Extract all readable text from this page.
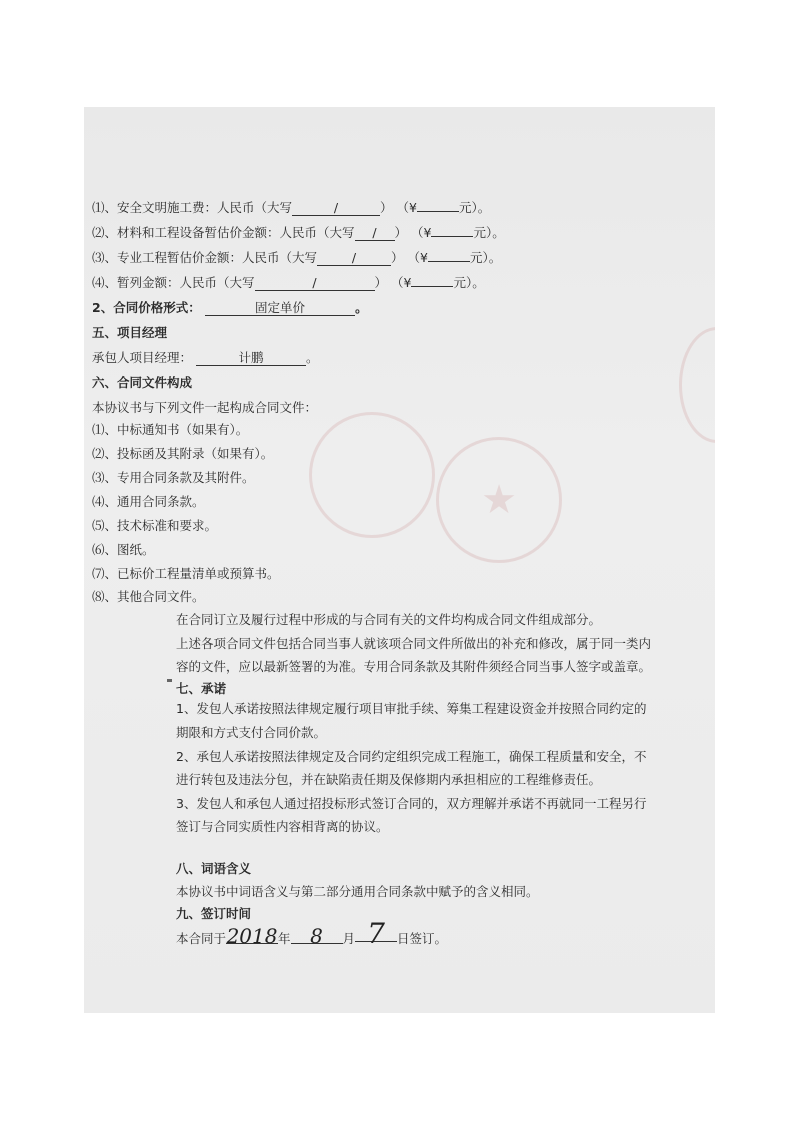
★
⑴、安全文明施工费：人民币（大写	/	） （¥	元）。
⑵、材料和工程设备暂估价金额：人民币（大写 / ） （¥	元）。
⑶、专业工程暂估价金额：人民币（大写	/	） （¥	元）。
⑷、暂列金额：人民币（大写	/	） （¥	元）。
2、合同价格形式：	固定单价	。
五、项目经理
承包人项目经理：	计鹏	。
六、合同文件构成
本协议书与下列文件一起构成合同文件：
⑴、中标通知书（如果有）。
⑵、投标函及其附录（如果有）。
⑶、专用合同条款及其附件。
⑷、通用合同条款。
⑸、技术标准和要求。
⑹、图纸。
⑺、已标价工程量清单或预算书。
⑻、其他合同文件。
在合同订立及履行过程中形成的与合同有关的文件均构成合同文件组成部分。
上述各项合同文件包括合同当事人就该项合同文件所做出的补充和修改，属于同一类内
容的文件，应以最新签署的为准。专用合同条款及其附件须经合同当事人签字或盖章。
七、承诺
1、发包人承诺按照法律规定履行项目审批手续、筹集工程建设资金并按照合同约定的
期限和方式支付合同价款。
2、承包人承诺按照法律规定及合同约定组织完成工程施工，确保工程质量和安全，不
进行转包及违法分包，并在缺陷责任期及保修期内承担相应的工程维修责任。
3、发包人和承包人通过招投标形式签订合同的，双方理解并承诺不再就同一工程另行
签订与合同实质性内容相背离的协议。
八、词语含义
本协议书中词语含义与第二部分通用合同条款中赋予的含义相同。
九、签订时间
本合同于2018年 8 月 7 日签订。
